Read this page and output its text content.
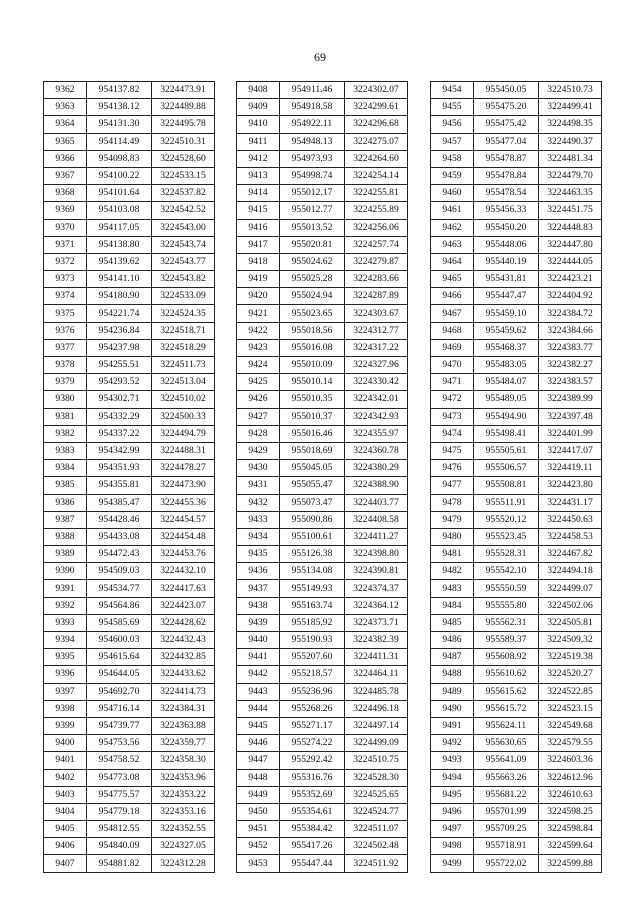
69
9362	954137.82	3224473.91
9363	954138.12	3224489.88
9364	954131.30	3224495.78
9365	954114.49	3224510.31
9366	954098.83	3224528.60
9367	954100.22	3224533.15
9368	954101.64	3224537.82
9369	954103.08	3224542.52
9370	954117.05	3224543.00
9371	954138.80	3224543.74
9372	954139.62	3224543.77
9373	954141.10	3224543.82
9374	954180.90	3224533.09
9375	954221.74	3224524.35
9376	954236.84	3224518.71
9377	954237.98	3224518.29
9378	954255.51	3224511.73
9379	954293.52	3224513.04
9380	954302.71	3224510.02
9381	954332.29	3224500.33
9382	954337.22	3224494.79
9383	954342.99	3224488.31
9384	954351.93	3224478.27
9385	954355.81	3224473.90
9386	954385.47	3224455.36
9387	954428.46	3224454.57
9388	954433.08	3224454.48
9389	954472.43	3224453.76
9390	954509.03	3224432.10
9391	954534.77	3224417.63
9392	954564.86	3224423.07
9393	954585.69	3224428.62
9394	954600.03	3224432.43
9395	954615.64	3224432.85
9396	954644.05	3224433.62
9397	954692.70	3224414.73
9398	954716.14	3224384.31
9399	954739.77	3224363.88
9400	954753.56	3224359.77
9401	954758.52	3224358.30
9402	954773.08	3224353.96
9403	954775.57	3224353.22
9404	954779.18	3224353.16
9405	954812.55	3224352.55
9406	954840.09	3224327.05
9407	954881.82	3224312.28
9408	954911.46	3224302.07
9409	954918.58	3224299.61
9410	954922.11	3224296.68
9411	954948.13	3224275.07
9412	954973.93	3224264.60
9413	954998.74	3224254.14
9414	955012.17	3224255.81
9415	955012.77	3224255.89
9416	955013.52	3224256.06
9417	955020.81	3224257.74
9418	955024.62	3224279.87
9419	955025.28	3224283.66
9420	955024.94	3224287.89
9421	955023.65	3224303.67
9422	955018.56	3224312.77
9423	955016.08	3224317.22
9424	955010.09	3224327.96
9425	955010.14	3224330.42
9426	955010.35	3224342.01
9427	955010.37	3224342.93
9428	955016.46	3224355.97
9429	955018.69	3224360.78
9430	955045.05	3224380.29
9431	955055.47	3224388.90
9432	955073.47	3224403.77
9433	955090.86	3224408.58
9434	955100.61	3224411.27
9435	955126.38	3224398.80
9436	955134.08	3224390.81
9437	955149.93	3224374.37
9438	955163.74	3224364.12
9439	955185.92	3224373.71
9440	955190.93	3224382.39
9441	955207.60	3224411.31
9442	955218.57	3224464.11
9443	955236.96	3224485.78
9444	955268.26	3224496.18
9445	955271.17	3224497.14
9446	955274.22	3224499.09
9447	955292.42	3224510.75
9448	955316.76	3224528.30
9449	955352.69	3224525.65
9450	955354.61	3224524.77
9451	955384.42	3224511.07
9452	955417.26	3224502.48
9453	955447.44	3224511.92
9454	955450.05	3224510.73
9455	955475.20	3224499.41
9456	955475.42	3224498.35
9457	955477.04	3224490.37
9458	955478.87	3224481.34
9459	955478.84	3224479.70
9460	955478.54	3224463.35
9461	955456.33	3224451.75
9462	955450.20	3224448.83
9463	955448.06	3224447.80
9464	955440.19	3224444.05
9465	955431.81	3224423.21
9466	955447.47	3224404.92
9467	955459.10	3224384.72
9468	955459.62	3224384.66
9469	955468.37	3224383.77
9470	955483.05	3224382.27
9471	955484.07	3224383.57
9472	955489.05	3224389.99
9473	955494.90	3224397.48
9474	955498.41	3224401.99
9475	955505.61	3224417.07
9476	955506.57	3224419.11
9477	955508.81	3224423.80
9478	955511.91	3224431.17
9479	955520.12	3224450.63
9480	955523.45	3224458.53
9481	955528.31	3224467.82
9482	955542.10	3224494.18
9483	955550.59	3224499.07
9484	955555.80	3224502.06
9485	955562.31	3224505.81
9486	955589.37	3224509.32
9487	955608.92	3224519.38
9488	955610.62	3224520.27
9489	955615.62	3224522.85
9490	955615.72	3224523.15
9491	955624.11	3224549.68
9492	955630.65	3224579.55
9493	955641.09	3224603.36
9494	955663.26	3224612.96
9495	955681.22	3224610.63
9496	955701.99	3224598.25
9497	955709.25	3224598.84
9498	955718.91	3224599.64
9499	955722.02	3224599.88
